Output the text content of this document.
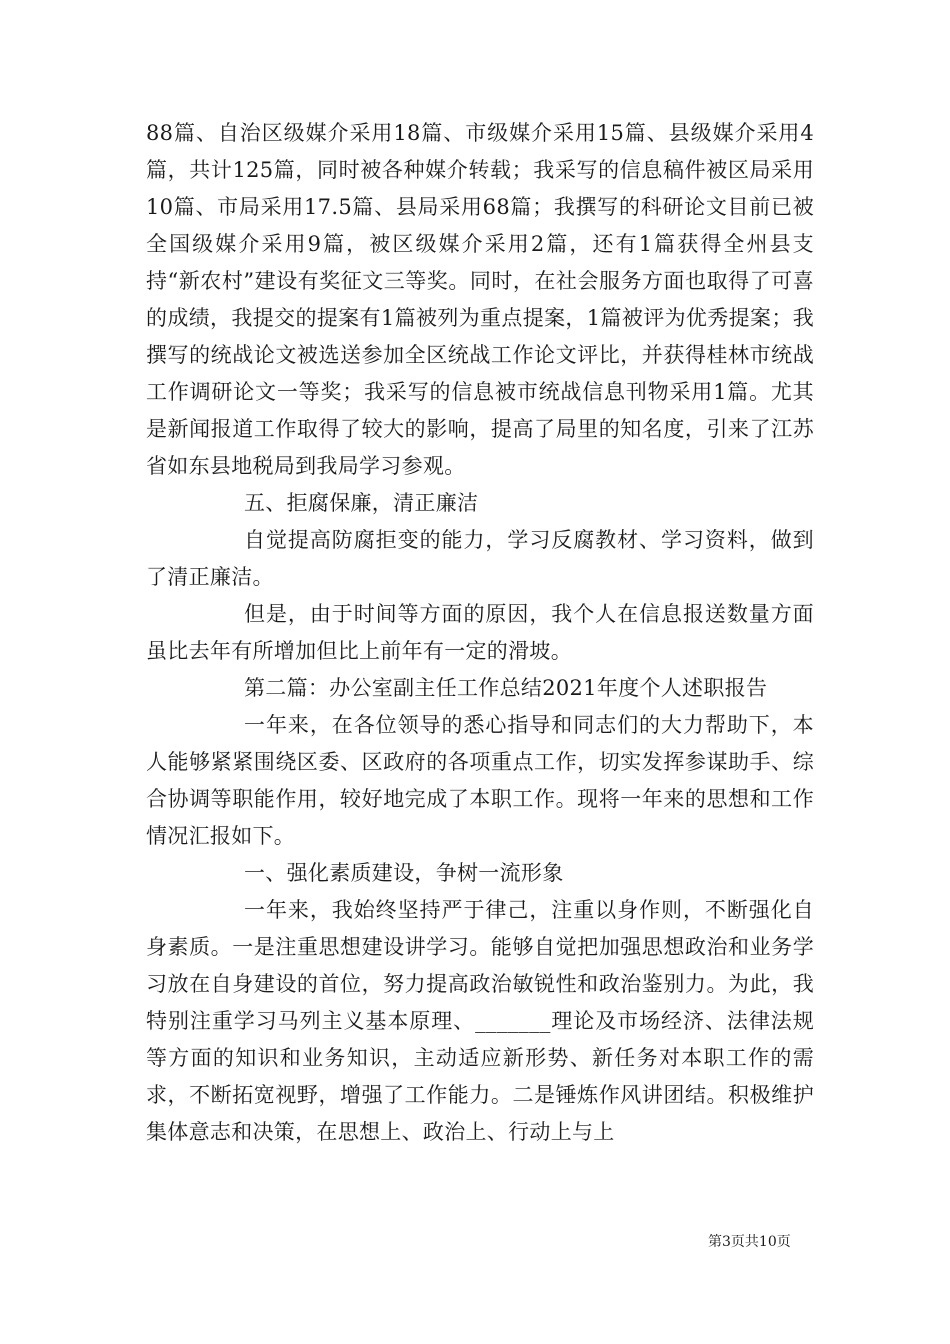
88篇、自治区级媒介采用18篇、市级媒介采用15篇、县级媒介采用4篇，共计125篇，同时被各种媒介转载；我采写的信息稿件被区局采用10篇、市局采用17.5篇、县局采用68篇；我撰写的科研论文目前已被全国级媒介采用9篇，被区级媒介采用2篇，还有1篇获得全州县支持“新农村”建设有奖征文三等奖。同时，在社会服务方面也取得了可喜的成绩，我提交的提案有1篇被列为重点提案，1篇被评为优秀提案；我撰写的统战论文被选送参加全区统战工作论文评比，并获得桂林市统战工作调研论文一等奖；我采写的信息被市统战信息刊物采用1篇。尤其是新闻报道工作取得了较大的影响，提高了局里的知名度，引来了江苏省如东县地税局到我局学习参观。

五、拒腐保廉，清正廉洁

自觉提高防腐拒变的能力，学习反腐教材、学习资料，做到了清正廉洁。

但是，由于时间等方面的原因，我个人在信息报送数量方面虽比去年有所增加但比上前年有一定的滑坡。

第二篇：办公室副主任工作总结2021年度个人述职报告

一年来，在各位领导的悉心指导和同志们的大力帮助下，本人能够紧紧围绕区委、区政府的各项重点工作，切实发挥参谋助手、综合协调等职能作用，较好地完成了本职工作。现将一年来的思想和工作情况汇报如下。

一、强化素质建设，争树一流形象

一年来，我始终坚持严于律己，注重以身作则，不断强化自身素质。一是注重思想建设讲学习。能够自觉把加强思想政治和业务学习放在自身建设的首位，努力提高政治敏锐性和政治鉴别力。为此，我特别注重学习马列主义基本原理、_______理论及市场经济、法律法规等方面的知识和业务知识，主动适应新形势、新任务对本职工作的需求，不断拓宽视野，增强了工作能力。二是锤炼作风讲团结。积极维护集体意志和决策，在思想上、政治上、行动上与上

第3页共10页
